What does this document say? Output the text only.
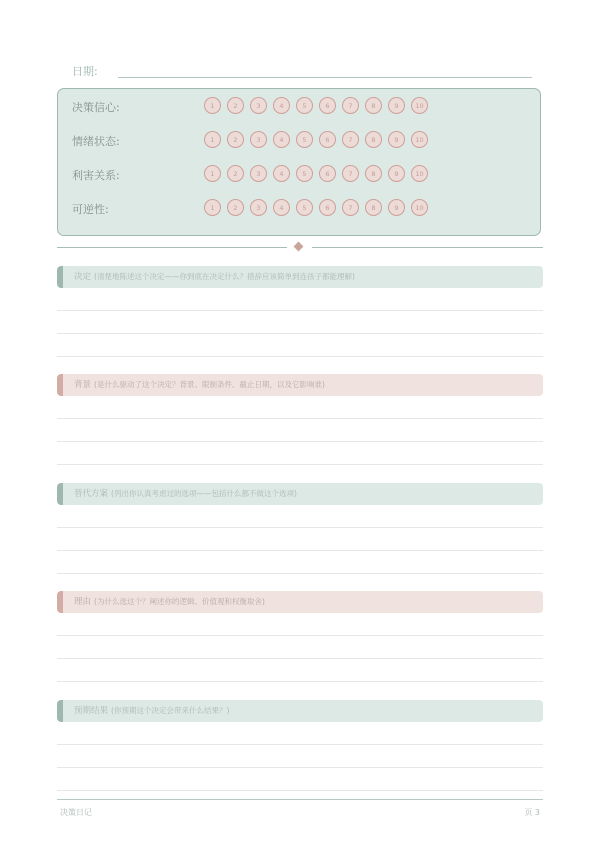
日期:
决策信心:	1	2	3	4	5	6	7	8	9	10
情绪状态:	1	2	3	4	5	6	7	8	9	10
利害关系:	1	2	3	4	5	6	7	8	9	10
可逆性:	1	2	3	4	5	6	7	8	9	10
决定 (清楚地陈述这个决定——你到底在决定什么？措辞应该简单到连孩子都能理解)
背景 (是什么驱动了这个决定？背景、限制条件、截止日期，以及它影响谁)
替代方案 (列出你认真考虑过的选项——包括什么都不做这个选项)
理由 (为什么选这个？阐述你的逻辑、价值观和权衡取舍)
预期结果 (你预期这个决定会带来什么结果？)
决策日记	页 3
